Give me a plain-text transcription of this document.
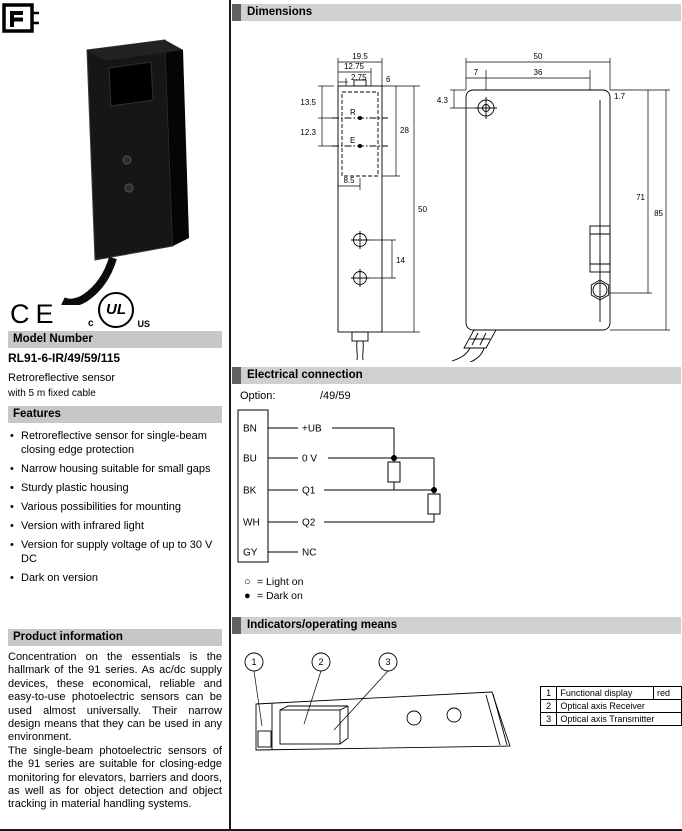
CE	c
UL
US
Model Number
RL91-6-IR/49/59/115
Retroreflective sensor
with 5 m fixed cable
Features
• Retroreflective sensor for single-beam closing edge protection
• Narrow housing suitable for small gaps
• Sturdy plastic housing
• Various possibilities for mounting
• Version with infrared light
• Version for supply voltage of up to 30 V DC
• Dark on version
Product information

Concentration on the essentials is the hallmark of the 91 series. As ac/dc supply devices, these economical, reliable and easy-to-use photoelectric sensors can be used almost universally. Their narrow design means that they can be used in any environment.

The single-beam photoelectric sensors of the 91 series are suitable for closing-edge monitoring for elevators, barriers and doors, as well as for object detection and object tracking in material handling systems.

Dimensions
19.5
12.75
2.75 6
13.5
12.3
R
E
8.5
28
50
14
50
7	36
4.3	1.7
71
85
Electrical connection
Option:	/49/59
BN
BU
BK
WH
GY
+UB
0 V
Q1
Q2
NC
○ = Light on
● = Dark on
Indicators/operating means
1	2	3
1	Functional display	red
2	Optical axis Receiver	
3	Optical axis Transmitter	
